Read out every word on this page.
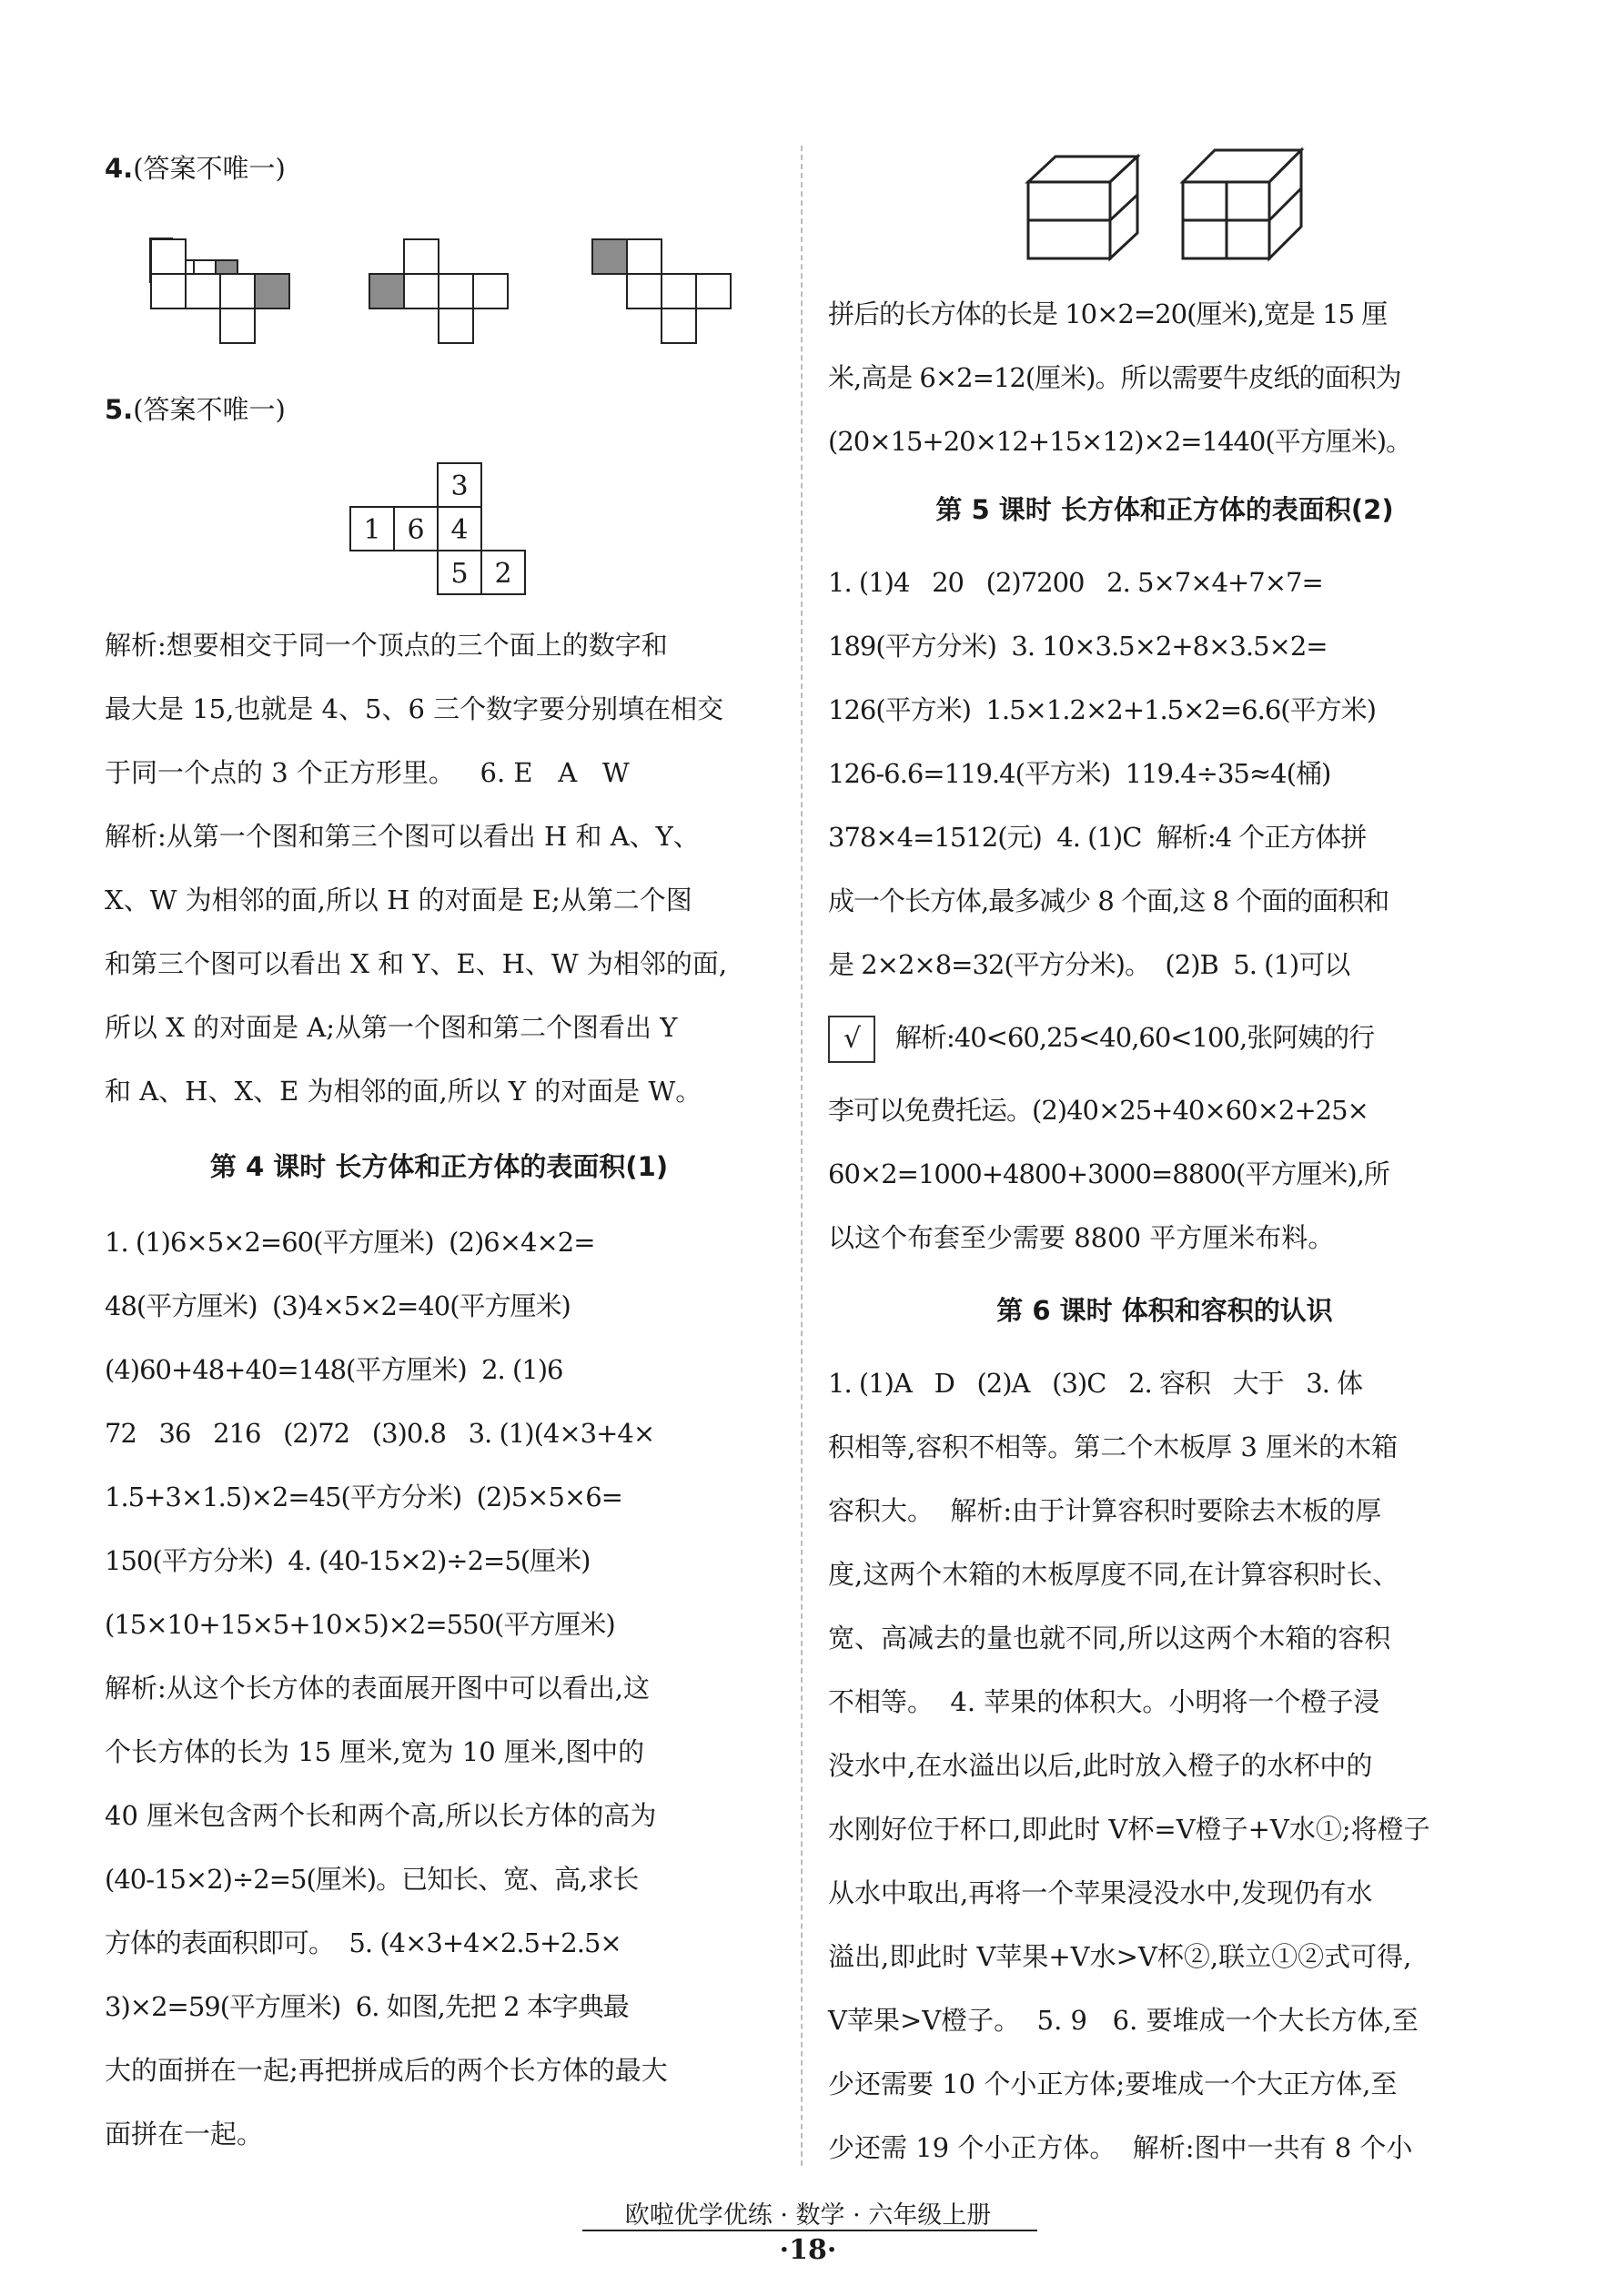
4.(答案不唯一)
5.(答案不唯一)
3
1 6 4
5 2
解析:想要相交于同一个顶点的三个面上的数字和
最大是 15,也就是 4、5、6 三个数字要分别填在相交
于同一个点的 3 个正方形里。   6. E   A   W
解析:从第一个图和第三个图可以看出 H 和 A、Y、
X、W 为相邻的面,所以 H 的对面是 E;从第二个图
和第三个图可以看出 X 和 Y、E、H、W 为相邻的面,
所以 X 的对面是 A;从第一个图和第二个图看出 Y
和 A、H、X、E 为相邻的面,所以 Y 的对面是 W。
第 4 课时 长方体和正方体的表面积(1)
1. (1)6×5×2=60(平方厘米)  (2)6×4×2=
48(平方厘米)  (3)4×5×2=40(平方厘米)
(4)60+48+40=148(平方厘米)  2. (1)6
72   36   216   (2)72   (3)0.8   3. (1)(4×3+4×
1.5+3×1.5)×2=45(平方分米)  (2)5×5×6=
150(平方分米)  4. (40-15×2)÷2=5(厘米)
(15×10+15×5+10×5)×2=550(平方厘米)
解析:从这个长方体的表面展开图中可以看出,这
个长方体的长为 15 厘米,宽为 10 厘米,图中的
40 厘米包含两个长和两个高,所以长方体的高为
(40-15×2)÷2=5(厘米)。已知长、宽、高,求长
方体的表面积即可。  5. (4×3+4×2.5+2.5×
3)×2=59(平方厘米)  6. 如图,先把 2 本字典最
大的面拼在一起;再把拼成后的两个长方体的最大
面拼在一起。
拼后的长方体的长是 10×2=20(厘米),宽是 15 厘
米,高是 6×2=12(厘米)。所以需要牛皮纸的面积为
(20×15+20×12+15×12)×2=1440(平方厘米)。
第 5 课时 长方体和正方体的表面积(2)
1. (1)4   20   (2)7200   2. 5×7×4+7×7=
189(平方分米)  3. 10×3.5×2+8×3.5×2=
126(平方米)  1.5×1.2×2+1.5×2=6.6(平方米)
126-6.6=119.4(平方米)  119.4÷35≈4(桶)
378×4=1512(元)  4. (1)C  解析:4 个正方体拼
成一个长方体,最多减少 8 个面,这 8 个面的面积和
是 2×2×8=32(平方分米)。  (2)B  5. (1)可以
√ 解析:40<60,25<40,60<100,张阿姨的行
李可以免费托运。(2)40×25+40×60×2+25×
60×2=1000+4800+3000=8800(平方厘米),所
以这个布套至少需要 8800 平方厘米布料。
第 6 课时 体积和容积的认识
1. (1)A   D   (2)A   (3)C   2. 容积   大于   3. 体
积相等,容积不相等。第二个木板厚 3 厘米的木箱
容积大。  解析:由于计算容积时要除去木板的厚
度,这两个木箱的木板厚度不同,在计算容积时长、
宽、高减去的量也就不同,所以这两个木箱的容积
不相等。  4. 苹果的体积大。小明将一个橙子浸
没水中,在水溢出以后,此时放入橙子的水杯中的
水刚好位于杯口,即此时 V杯=V橙子+V水①;将橙子
从水中取出,再将一个苹果浸没水中,发现仍有水
溢出,即此时 V苹果+V水>V杯②,联立①②式可得,
V苹果>V橙子。  5. 9   6. 要堆成一个大长方体,至
少还需要 10 个小正方体;要堆成一个大正方体,至
少还需 19 个小正方体。  解析:图中一共有 8 个小
欧啦优学优练 · 数学 · 六年级上册
·18·
